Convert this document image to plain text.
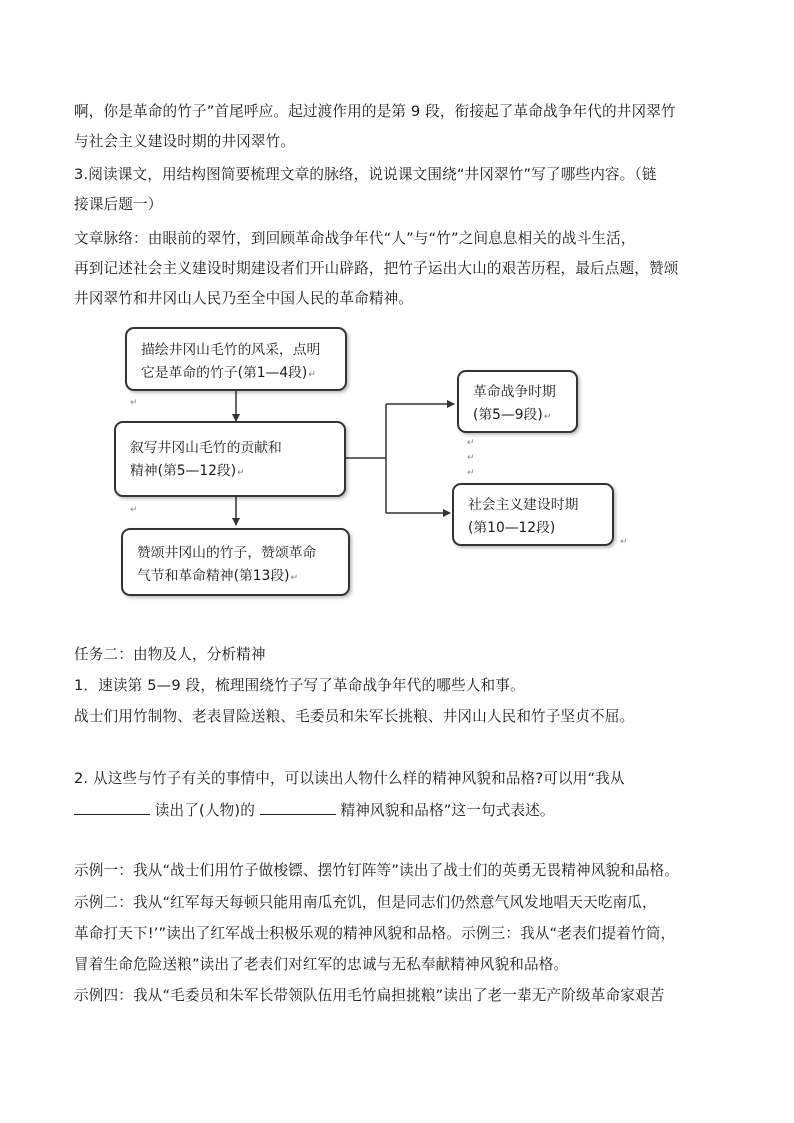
啊，你是革命的竹子”首尾呼应。起过渡作用的是第 9 段，衔接起了革命战争年代的井冈翠竹
与社会主义建设时期的井冈翠竹。
3.阅读课文，用结构图简要梳理文章的脉络，说说课文围绕“井冈翠竹”写了哪些内容。（链
接课后题一）
文章脉络：由眼前的翠竹，到回顾革命战争年代“人”与“竹”之间息息相关的战斗生活，
再到记述社会主义建设时期建设者们开山辟路，把竹子运出大山的艰苦历程，最后点题，赞颂
井冈翠竹和井冈山人民乃至全中国人民的革命精神。
描绘井冈山毛竹的风采，点明
它是革命的竹子(第1—4段)↵
叙写井冈山毛竹的贡献和
精神(第5—12段)↵
赞颂井冈山的竹子，赞颂革命
气节和革命精神(第13段)↵
革命战争时期
(第5—9段)↵
社会主义建设时期
(第10—12段)
↵
↵
↵
↵
↵
↵
任务二：由物及人，分析精神
1．速读第 5—9 段，梳理围绕竹子写了革命战争年代的哪些人和事。
战士们用竹制物、老表冒险送粮、毛委员和朱军长挑粮、井冈山人民和竹子坚贞不屈。
2. 从这些与竹子有关的事情中，可以读出人物什么样的精神风貌和品格?可以用“我从
读出了(人物)的	精神风貌和品格”这一句式表述。
示例一：我从“战士们用竹子做梭镖、摆竹钉阵等”读出了战士们的英勇无畏精神风貌和品格。
示例二：我从“红军每天每顿只能用南瓜充饥，但是同志们仍然意气风发地唱天天吃南瓜，
革命打天下!’”读出了红军战士积极乐观的精神风貌和品格。示例三：我从“老表们提着竹筒，
冒着生命危险送粮”读出了老表们对红军的忠诚与无私奉献精神风貌和品格。
示例四：我从“毛委员和朱军长带领队伍用毛竹扁担挑粮”读出了老一辈无产阶级革命家艰苦
